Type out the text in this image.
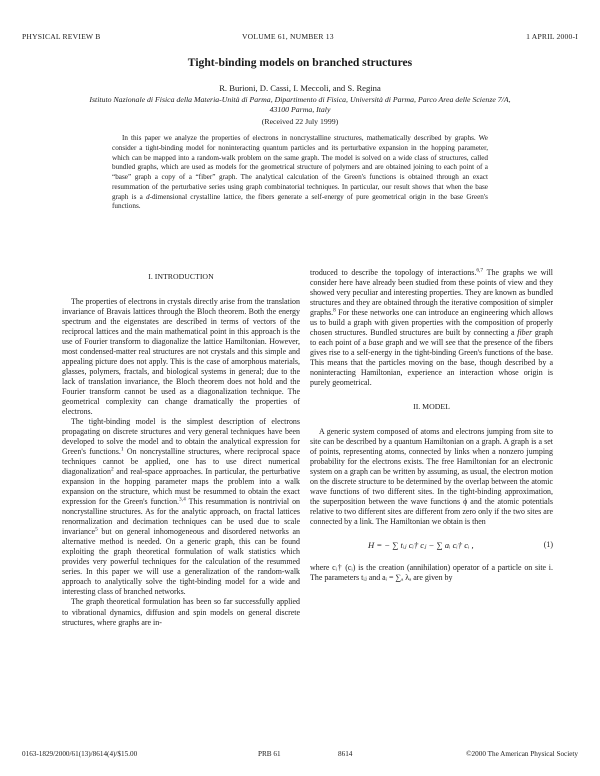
PHYSICAL REVIEW B	VOLUME 61, NUMBER 13	1 APRIL 2000-I
Tight-binding models on branched structures
R. Burioni, D. Cassi, I. Meccoli, and S. Regina
Istituto Nazionale di Fisica della Materia-Unità di Parma, Dipartimento di Fisica, Università di Parma, Parco Area delle Scienze 7/A,
43100 Parma, Italy
(Received 22 July 1999)
In this paper we analyze the properties of electrons in noncrystalline structures, mathematically described by graphs. We consider a tight-binding model for noninteracting quantum particles and its perturbative expansion in the hopping parameter, which can be mapped into a random-walk problem on the same graph. The model is solved on a wide class of structures, called bundled graphs, which are used as models for the geometrical structure of polymers and are obtained joining to each point of a “base” graph a copy of a “fiber” graph. The analytical calculation of the Green's functions is obtained through an exact resummation of the perturbative series using graph combinatorial techniques. In particular, our result shows that when the base graph is a d-dimensional crystalline lattice, the fibers generate a self-energy of pure geometrical origin in the base Green's functions.
I. INTRODUCTION

The properties of electrons in crystals directly arise from the translation invariance of Bravais lattices through the Bloch theorem. Both the energy spectrum and the eigenstates are described in terms of vectors of the reciprocal lattices and the main mathematical point in this approach is the use of Fourier transform to diagonalize the lattice Hamiltonian. However, most condensed-matter real structures are not crystals and this simple and appealing picture does not apply. This is the case of amorphous materials, glasses, polymers, fractals, and biological systems in general; due to the lack of translation invariance, the Bloch theorem does not hold and the Fourier transform cannot be used as a diagonalization technique. The geometrical complexity can change dramatically the properties of electrons.

The tight-binding model is the simplest description of electrons propagating on discrete structures and very general techniques have been developed to solve the model and to obtain the analytical expression for Green's functions.$^1$ On noncrystalline structures, where reciprocal space techniques cannot be applied, one has to use direct numerical diagonalization$^2$ and real-space approaches. In particular, the perturbative expansion in the hopping parameter maps the problem into a walk expansion on the structure, which must be resummed to obtain the exact expression for the Green's function.$^{3,4}$ This resummation is nontrivial on noncrystalline structures. As for the analytic approach, on fractal lattices renormalization and decimation techniques can be used due to scale invariance$^5$ but on general inhomogeneous and disordered networks an alternative method is needed. On a generic graph, this can be found exploiting the graph theoretical formulation of walk statistics which provides very powerful techniques for the calculation of the resummed series. In this paper we will use a generalization of the random-walk approach to analytically solve the tight-binding model for a wide and interesting class of branched networks.

The graph theoretical formulation has been so far successfully applied to vibrational dynamics, diffusion and spin models on general discrete structures, where graphs are in-

troduced to describe the topology of interactions.$^{6,7}$ The graphs we will consider here have already been studied from these points of view and they showed very peculiar and interesting properties. They are known as bundled structures and they are obtained through the iterative composition of simpler graphs.$^8$ For these networks one can introduce an engineering which allows us to build a graph with given properties with the composition of properly chosen structures. Bundled structures are built by connecting a fiber graph to each point of a base graph and we will see that the presence of the fibers gives rise to a self-energy in the tight-binding Green's functions of the base. This means that the particles moving on the base, though described by a noninteracting Hamiltonian, experience an interaction whose origin is purely geometrical.

II. MODEL

A generic system composed of atoms and electrons jumping from site to site can be described by a quantum Hamiltonian on a graph. A graph is a set of points, representing atoms, connected by links when a nonzero jumping probability for the electrons exists. The free Hamiltonian for an electronic system on a graph can be written by assuming, as usual, the electron motion on the discrete structure to be determined by the overlap between the atomic wave functions of two different sites. In the tight-binding approximation, the superposition between the wave functions ϕ and the atomic potentials relative to two different sites are different from zero only if the two sites are connected by a link. The Hamiltonian we obtain is then

H = − ∑ tᵢⱼ cᵢ† cⱼ − ∑ aᵢ cᵢ† cᵢ ,	(1)

where cᵢ† (cᵢ) is the creation (annihilation) operator of a particle on site i. The parameters tᵢⱼ and aᵢ = ∑ₐ λₐ are given by

0163-1829/2000/61(13)/8614(4)/$15.00	PRB 61	8614	©2000 The American Physical Society
